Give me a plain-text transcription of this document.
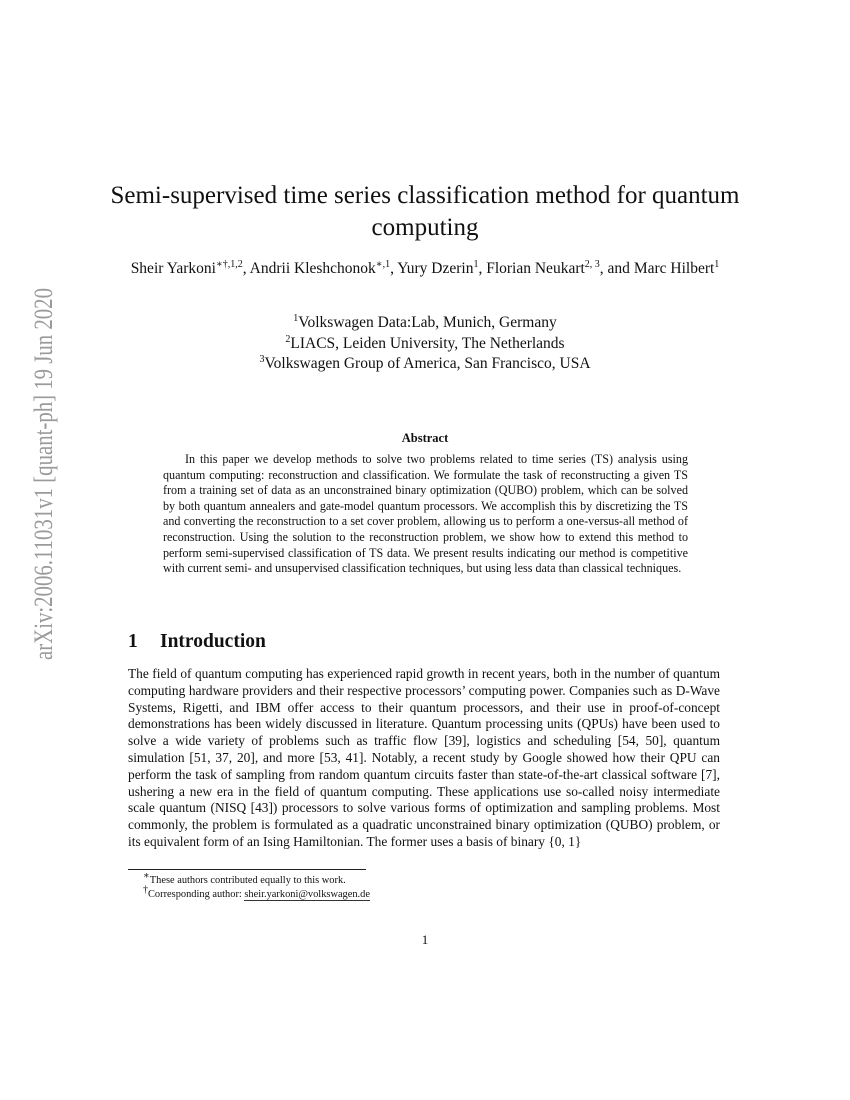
arXiv:2006.11031v1 [quant-ph] 19 Jun 2020 Semi-supervised time series classification method for quantum computing
Sheir Yarkoni$^{∗\dagger,1,2}$, Andrii Kleshchonok$^{∗,1}$, Yury Dzerin$^1$, Florian Neukart$^{2, 3}$, and Marc Hilbert$^1$
$^1$Volkswagen Data:Lab, Munich, Germany
$^2$LIACS, Leiden University, The Netherlands
$^3$Volkswagen Group of America, San Francisco, USA
Abstract

In this paper we develop methods to solve two problems related to time series (TS) analysis using quantum computing: reconstruction and classification. We formulate the task of reconstructing a given TS from a training set of data as an unconstrained binary optimization (QUBO) problem, which can be solved by both quantum annealers and gate-model quantum processors. We accomplish this by discretizing the TS and converting the reconstruction to a set cover problem, allowing us to perform a one-versus-all method of reconstruction. Using the solution to the reconstruction problem, we show how to extend this method to perform semi-supervised classification of TS data. We present results indicating our method is competitive with current semi- and unsupervised classification techniques, but using less data than classical techniques.

1 Introduction

The field of quantum computing has experienced rapid growth in recent years, both in the number of quantum computing hardware providers and their respective processors’ computing power. Companies such as D-Wave Systems, Rigetti, and IBM offer access to their quantum processors, and their use in proof-of-concept demonstrations has been widely discussed in literature. Quantum processing units (QPUs) have been used to solve a wide variety of problems such as traffic flow [39], logistics and scheduling [54, 50], quantum simulation [51, 37, 20], and more [53, 41]. Notably, a recent study by Google showed how their QPU can perform the task of sampling from random quantum circuits faster than state-of-the-art classical software [7], ushering a new era in the field of quantum computing. These applications use so-called noisy intermediate scale quantum (NISQ [43]) processors to solve various forms of optimization and sampling problems. Most commonly, the problem is formulated as a quadratic unconstrained binary optimization (QUBO) problem, or its equivalent form of an Ising Hamiltonian. The former uses a basis of binary {0, 1}

∗These authors contributed equally to this work.
†Corresponding author: sheir.yarkoni@volkswagen.de
1
